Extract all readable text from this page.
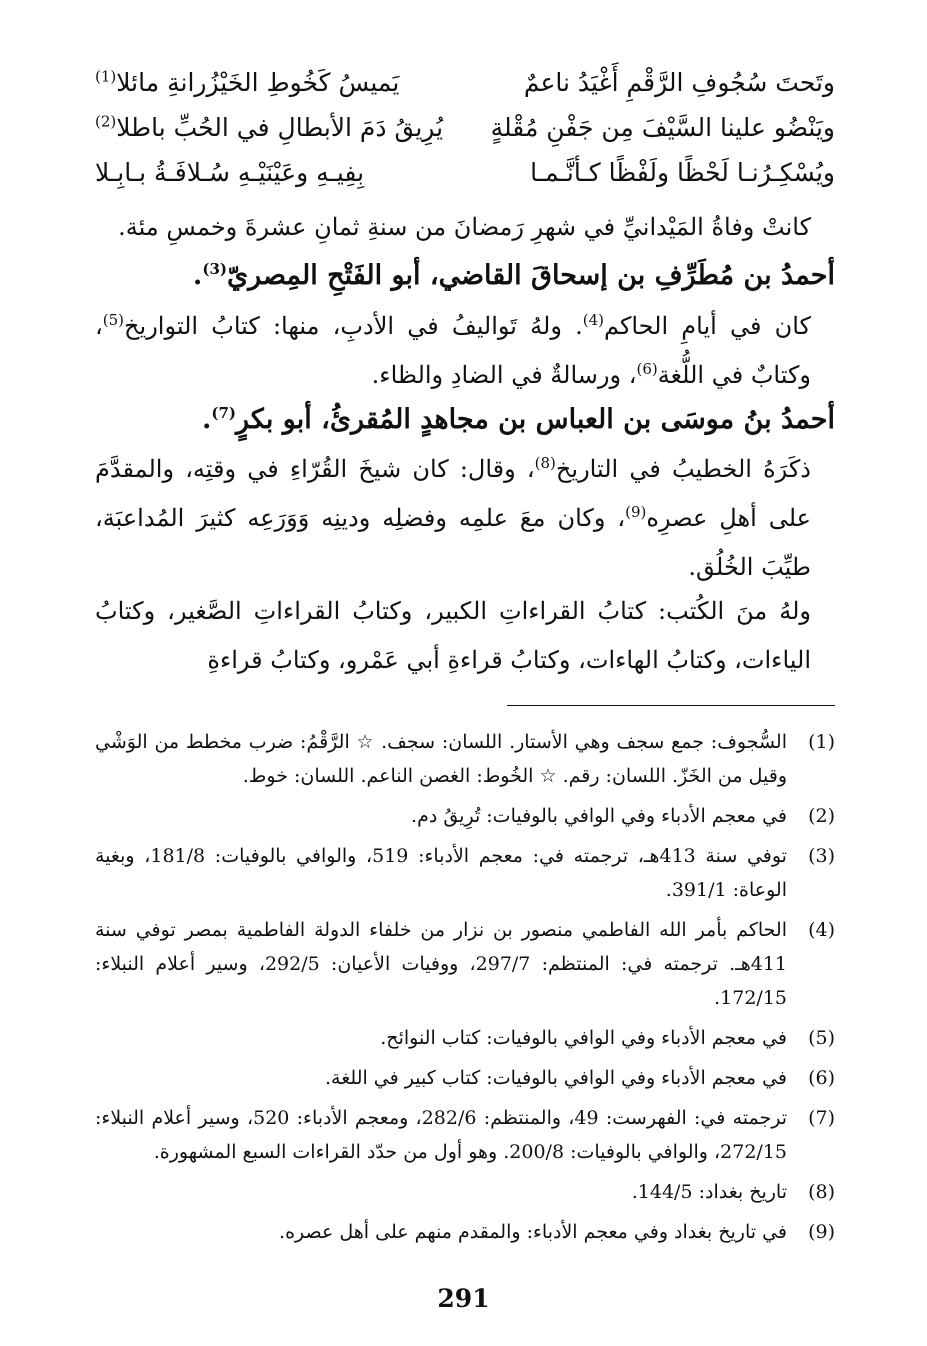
وتَحتَ سُجُوفِ الرَّقْمِ أَغْيَدُ ناعمٌ
يَميسُ كَخُوطِ الخَيْزُرانةِ مائلا$^{(1)}$
ويَنْضُو علينا السَّيْفَ مِن جَفْنِ مُقْلةٍ
يُرِيقُ دَمَ الأبطالِ في الحُبِّ باطلا$^{(2)}$
ويُسْكِـرُنـا لَحْظًا ولَفْظًا كـأنَّـمـا
بِفِيـهِ وعَيْنَيْـهِ سُـلافَـةُ بـابِـلا
كانتْ وفاةُ المَيْدانيِّ في شهرِ رَمضانَ من سنةِ ثمانِ عشرةَ وخمسِ مئة.
أحمدُ بن مُطَرِّفِ بن إسحاقَ القاضي، أبو الفَتْحِ المِصريّ$^{(3)}$.
كان في أيامِ الحاكم$^{(4)}$. ولهُ تَواليفُ في الأدبِ، منها: كتابُ التواريخ$^{(5)}$، وكتابٌ في اللُّغة$^{(6)}$، ورسالةٌ في الضادِ والظاء.
أحمدُ بنُ موسَى بن العباس بن مجاهدٍ المُقرئُ، أبو بكرٍ$^{(7)}$.
ذكَرَهُ الخطيبُ في التاريخ$^{(8)}$، وقال: كان شيخَ القُرّاءِ في وقتِه، والمقدَّمَ على أهلِ عصرِه$^{(9)}$، وكان معَ علمِه وفضلِه ودينِه وَوَرَعِه كثيرَ المُداعبَة، طيِّبَ الخُلُق.
ولهُ منَ الكُتب: كتابُ القراءاتِ الكبير، وكتابُ القراءاتِ الصَّغير، وكتابُ الياءات، وكتابُ الهاءات، وكتابُ قراءةِ أبي عَمْرو، وكتابُ قراءةِ
(1)
السُّجوف: جمع سجف وهي الأستار. اللسان: سجف. ☆ الرَّقْمُ: ضرب مخطط من الوَشْي وقيل من الخَزّ. اللسان: رقم. ☆ الخُوط: الغصن الناعم. اللسان: خوط.
(2)
في معجم الأدباء وفي الوافي بالوفيات: تُرِيقُ دم.
(3)
توفي سنة 413هـ، ترجمته في: معجم الأدباء: 519، والوافي بالوفيات: 181/8، وبغية الوعاة: 391/1.
(4)
الحاكم بأمر الله الفاطمي منصور بن نزار من خلفاء الدولة الفاطمية بمصر توفي سنة 411هـ. ترجمته في: المنتظم: 297/7، ووفيات الأعيان: 292/5، وسير أعلام النبلاء: 172/15.
(5)
في معجم الأدباء وفي الوافي بالوفيات: كتاب النوائح.
(6)
في معجم الأدباء وفي الوافي بالوفيات: كتاب كبير في اللغة.
(7)
ترجمته في: الفهرست: 49، والمنتظم: 282/6، ومعجم الأدباء: 520، وسير أعلام النبلاء: 272/15، والوافي بالوفيات: 200/8. وهو أول من حدّد القراءات السبع المشهورة.
(8)
تاريخ بغداد: 144/5.
(9)
في تاريخ بغداد وفي معجم الأدباء: والمقدم منهم على أهل عصره.
291
